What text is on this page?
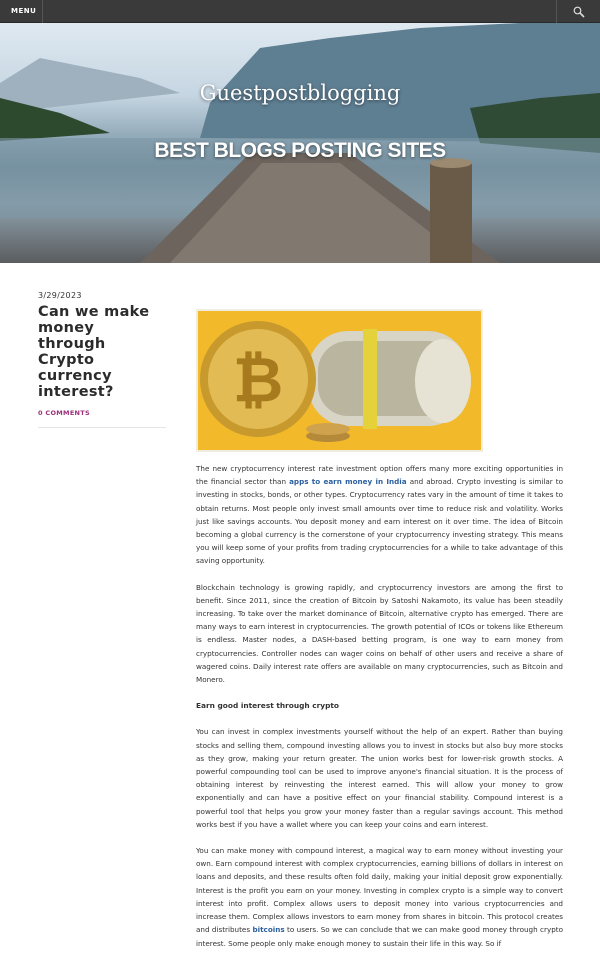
MENU
Guestpostblogging
BEST BLOGS POSTING SITES
3/29/2023
Can we make money through Crypto currency interest?
0 COMMENTS	₿

The new cryptocurrency interest rate investment option offers many more exciting opportunities in the financial sector than apps to earn money in India and abroad. Crypto investing is similar to investing in stocks, bonds, or other types. Cryptocurrency rates vary in the amount of time it takes to obtain returns. Most people only invest small amounts over time to reduce risk and volatility. Works just like savings accounts. You deposit money and earn interest on it over time. The idea of Bitcoin becoming a global currency is the cornerstone of your cryptocurrency investing strategy. This means you will keep some of your profits from trading cryptocurrencies for a while to take advantage of this saving opportunity.

Blockchain technology is growing rapidly, and cryptocurrency investors are among the first to benefit. Since 2011, since the creation of Bitcoin by Satoshi Nakamoto, its value has been steadily increasing. To take over the market dominance of Bitcoin, alternative crypto has emerged. There are many ways to earn interest in cryptocurrencies. The growth potential of ICOs or tokens like Ethereum is endless. Master nodes, a DASH-based betting program, is one way to earn money from cryptocurrencies. Controller nodes can wager coins on behalf of other users and receive a share of wagered coins. Daily interest rate offers are available on many cryptocurrencies, such as Bitcoin and Monero.

Earn good interest through crypto

You can invest in complex investments yourself without the help of an expert. Rather than buying stocks and selling them, compound investing allows you to invest in stocks but also buy more stocks as they grow, making your return greater. The union works best for lower-risk growth stocks. A powerful compounding tool can be used to improve anyone's financial situation. It is the process of obtaining interest by reinvesting the interest earned. This will allow your money to grow exponentially and can have a positive effect on your financial stability. Compound interest is a powerful tool that helps you grow your money faster than a regular savings account. This method works best if you have a wallet where you can keep your coins and earn interest.

You can make money with compound interest, a magical way to earn money without investing your own. Earn compound interest with complex cryptocurrencies, earning billions of dollars in interest on loans and deposits, and these results often fold daily, making your initial deposit grow exponentially. Interest is the profit you earn on your money. Investing in complex crypto is a simple way to convert interest into profit. Complex allows users to deposit money into various cryptocurrencies and increase them. Complex allows investors to earn money from shares in bitcoin. This protocol creates and distributes bitcoins to users. So we can conclude that we can make good money through crypto interest. Some people only make enough money to sustain their life in this way. So if
